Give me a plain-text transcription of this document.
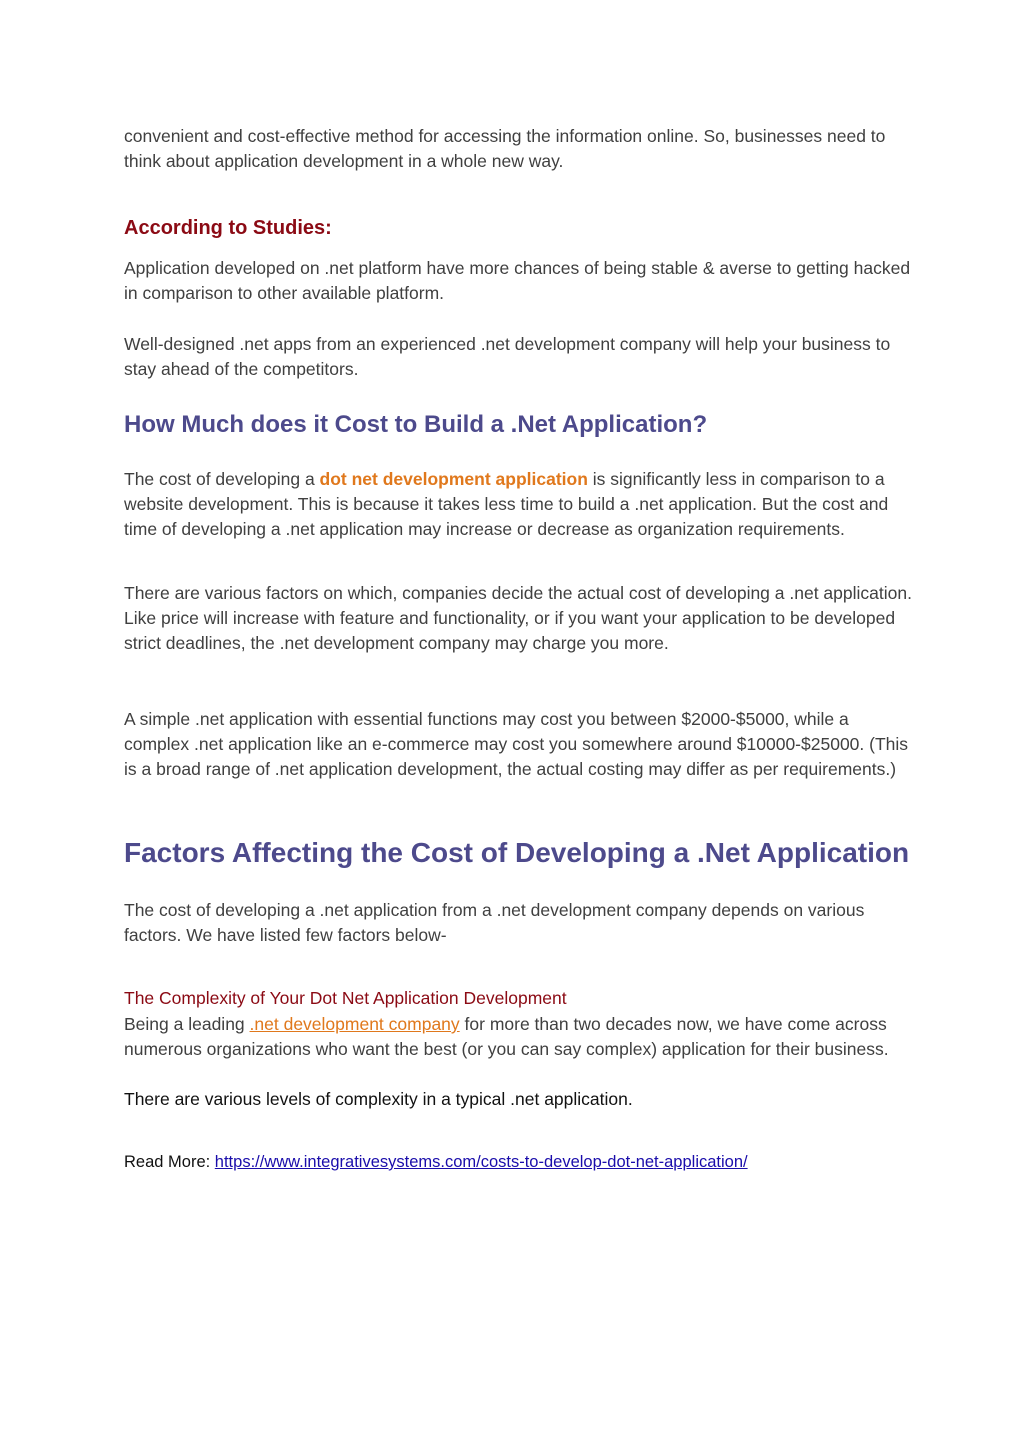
convenient and cost-effective method for accessing the information online. So, businesses need to think about application development in a whole new way.

According to Studies:

Application developed on .net platform have more chances of being stable & averse to getting hacked in comparison to other available platform.

Well-designed .net apps from an experienced .net development company will help your business to stay ahead of the competitors.

How Much does it Cost to Build a .Net Application?

The cost of developing a dot net development application is significantly less in comparison to a website development. This is because it takes less time to build a .net application. But the cost and time of developing a .net application may increase or decrease as organization requirements.

There are various factors on which, companies decide the actual cost of developing a .net application. Like price will increase with feature and functionality, or if you want your application to be developed strict deadlines, the .net development company may charge you more.

A simple .net application with essential functions may cost you between $2000-$5000, while a complex .net application like an e-commerce may cost you somewhere around $10000-$25000. (This is a broad range of .net application development, the actual costing may differ as per requirements.)

Factors Affecting the Cost of Developing a .Net Application

The cost of developing a .net application from a .net development company depends on various factors. We have listed few factors below-

The Complexity of Your Dot Net Application Development

Being a leading .net development company for more than two decades now, we have come across numerous organizations who want the best (or you can say complex) application for their business.

There are various levels of complexity in a typical .net application.

Read More: https://www.integrativesystems.com/costs-to-develop-dot-net-application/
